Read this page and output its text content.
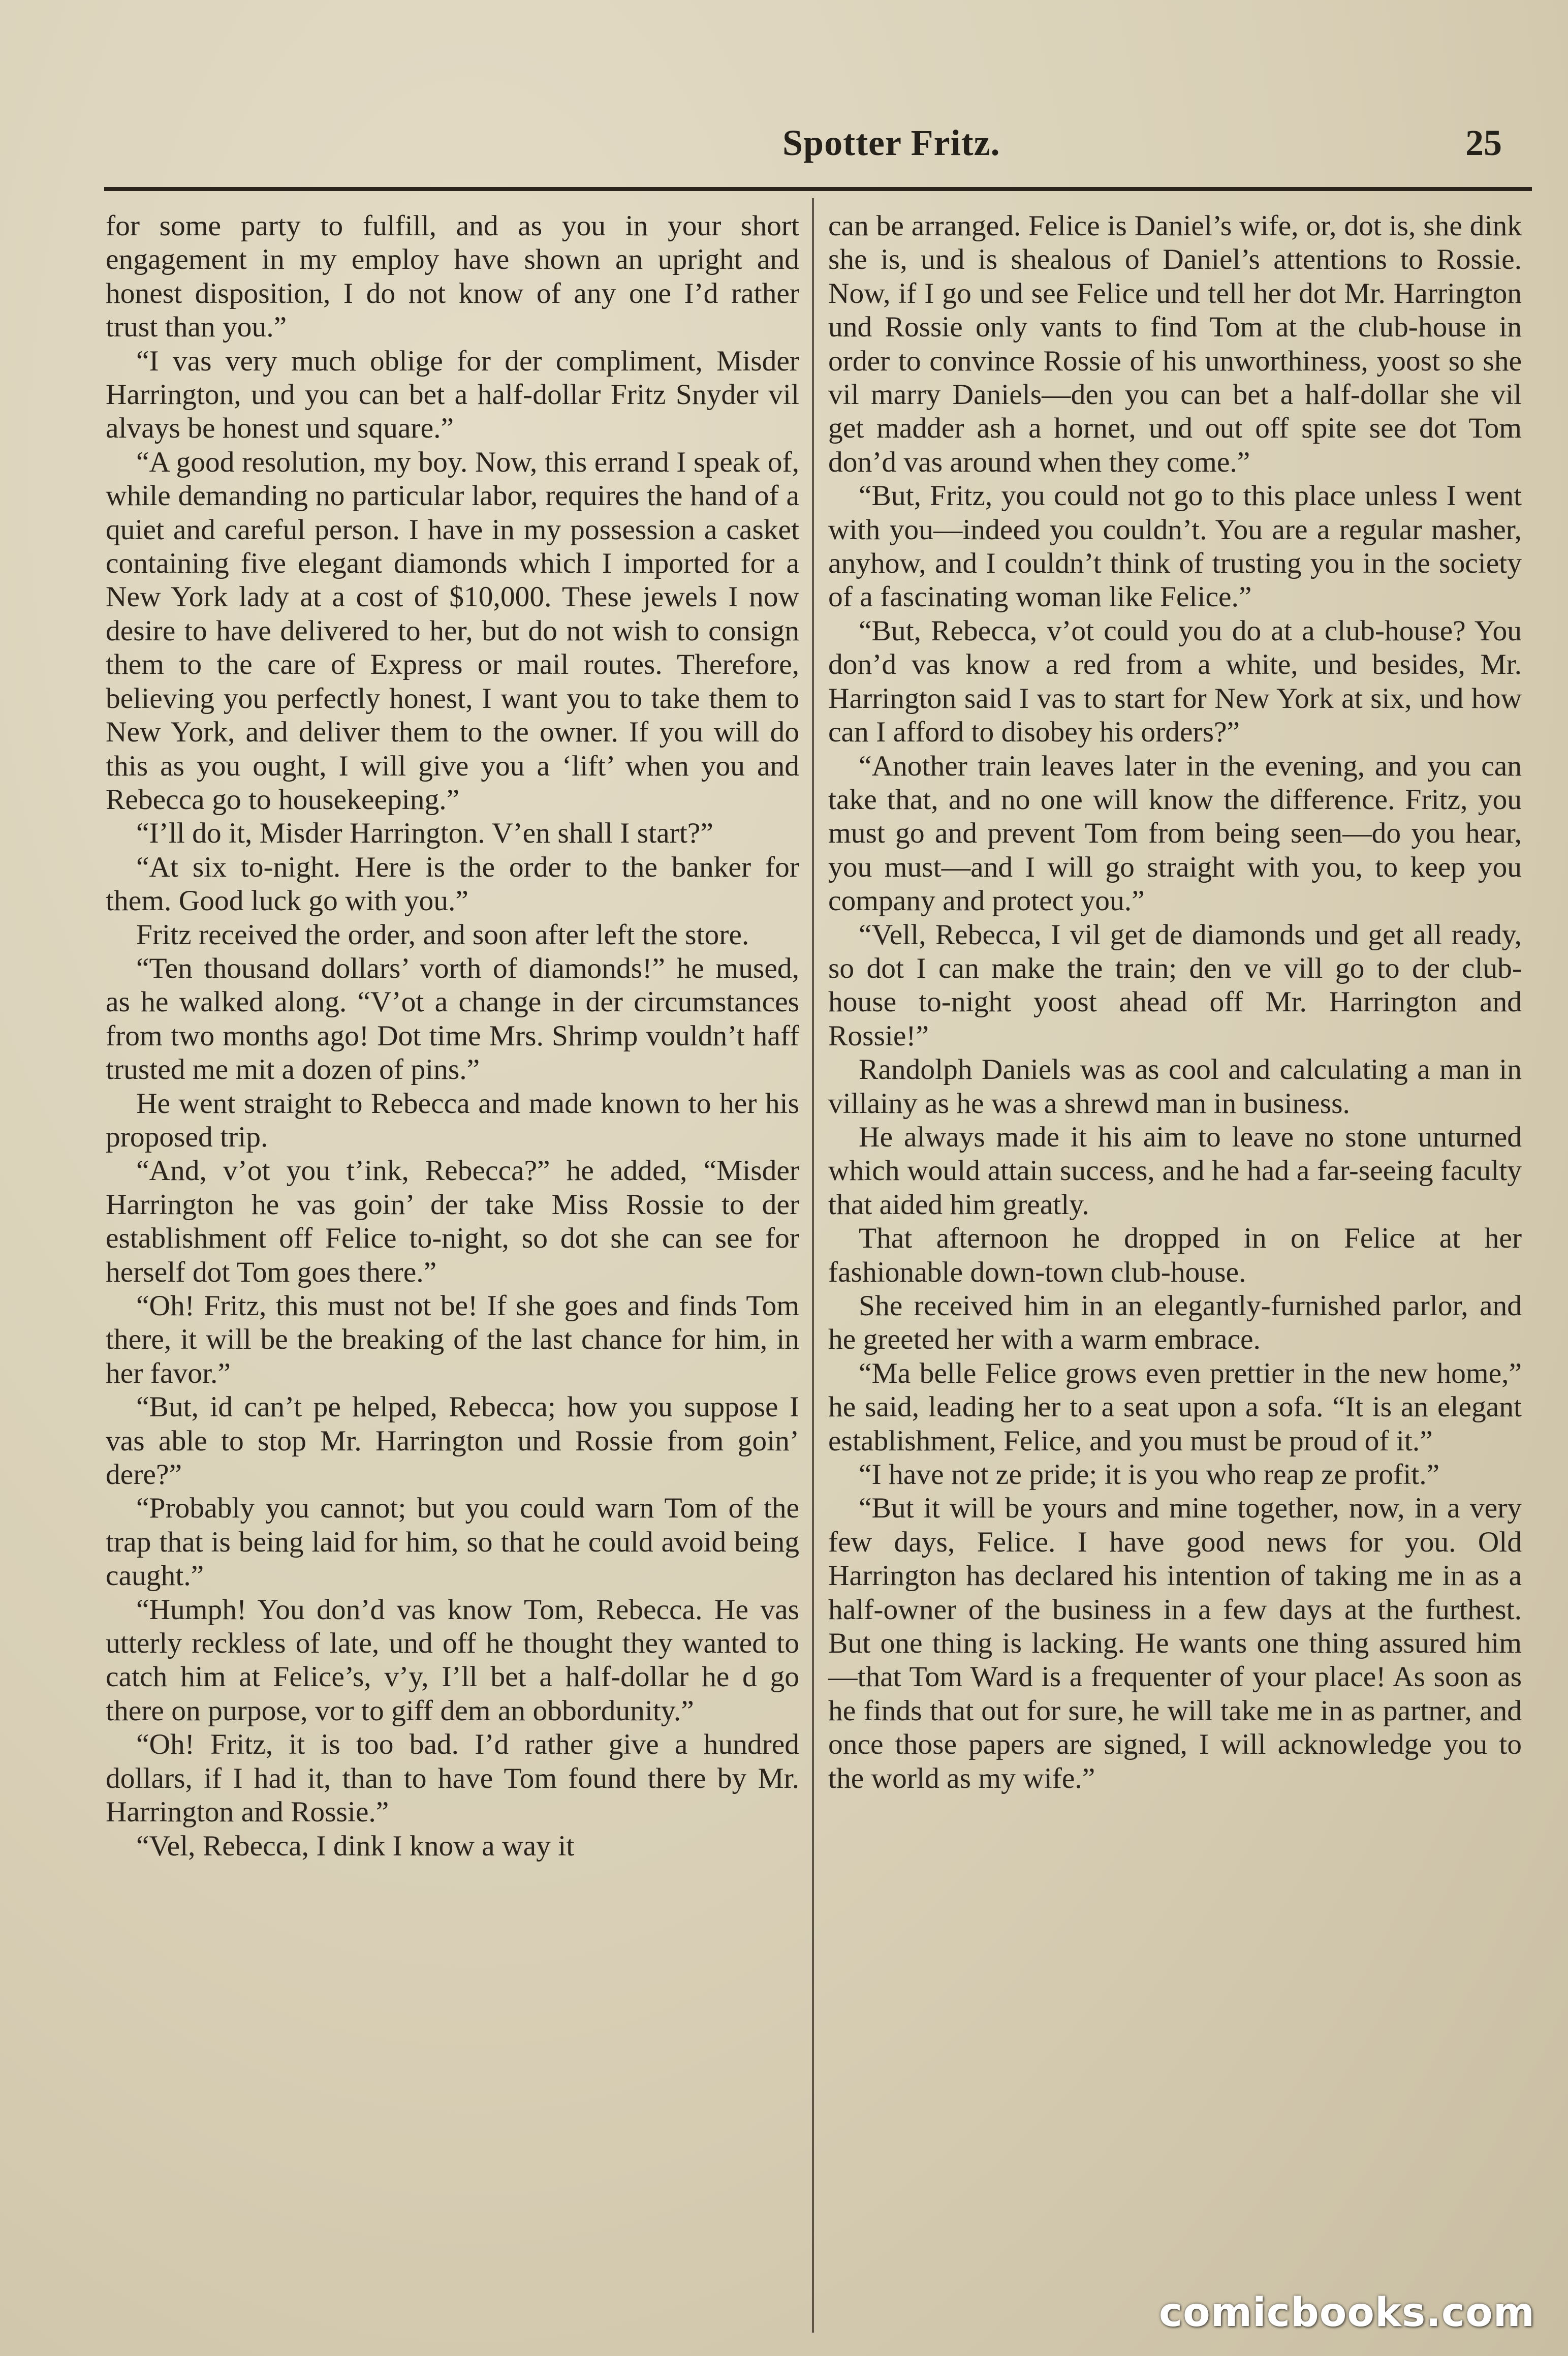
Spotter Fritz.	25

for some party to fulfill, and as you in your short engagement in my employ have shown an upright and honest disposition, I do not know of any one I’d rather trust than you.”

“I vas very much oblige for der compliment, Misder Harrington, und you can bet a half-dollar Fritz Snyder vil alvays be honest und square.”

“A good resolution, my boy. Now, this errand I speak of, while demanding no particular labor, requires the hand of a quiet and careful person. I have in my possession a casket containing five elegant diamonds which I imported for a New York lady at a cost of $10,000. These jewels I now desire to have delivered to her, but do not wish to consign them to the care of Express or mail routes. Therefore, believing you perfectly honest, I want you to take them to New York, and deliver them to the owner. If you will do this as you ought, I will give you a ‘lift’ when you and Rebecca go to housekeeping.”

“I’ll do it, Misder Harrington. V’en shall I start?”

“At six to-night. Here is the order to the banker for them. Good luck go with you.”

Fritz received the order, and soon after left the store.

“Ten thousand dollars’ vorth of diamonds!” he mused, as he walked along. “V’ot a change in der circumstances from two months ago! Dot time Mrs. Shrimp vouldn’t haff trusted me mit a dozen of pins.”

He went straight to Rebecca and made known to her his proposed trip.

“And, v’ot you t’ink, Rebecca?” he added, “Misder Harrington he vas goin’ der take Miss Rossie to der establishment off Felice to-night, so dot she can see for herself dot Tom goes there.”

“Oh! Fritz, this must not be! If she goes and finds Tom there, it will be the breaking of the last chance for him, in her favor.”

“But, id can’t pe helped, Rebecca; how you suppose I vas able to stop Mr. Harrington und Rossie from goin’ dere?”

“Probably you cannot; but you could warn Tom of the trap that is being laid for him, so that he could avoid being caught.”

“Humph! You don’d vas know Tom, Rebecca. He vas utterly reckless of late, und off he thought they wanted to catch him at Felice’s, v’y, I’ll bet a half-dollar he d go there on purpose, vor to giff dem an obbordunity.”

“Oh! Fritz, it is too bad. I’d rather give a hundred dollars, if I had it, than to have Tom found there by Mr. Harrington and Rossie.”

“Vel, Rebecca, I dink I know a way it

can be arranged. Felice is Daniel’s wife, or, dot is, she dink she is, und is shealous of Daniel’s attentions to Rossie. Now, if I go und see Felice und tell her dot Mr. Harrington und Rossie only vants to find Tom at the club-house in order to convince Rossie of his unworthiness, yoost so she vil marry Daniels—den you can bet a half-dollar she vil get madder ash a hornet, und out off spite see dot Tom don’d vas around when they come.”

“But, Fritz, you could not go to this place unless I went with you—indeed you couldn’t. You are a regular masher, anyhow, and I couldn’t think of trusting you in the society of a fascinating woman like Felice.”

“But, Rebecca, v’ot could you do at a club-house? You don’d vas know a red from a white, und besides, Mr. Harrington said I vas to start for New York at six, und how can I afford to disobey his orders?”

“Another train leaves later in the evening, and you can take that, and no one will know the difference. Fritz, you must go and prevent Tom from being seen—do you hear, you must—and I will go straight with you, to keep you company and protect you.”

“Vell, Rebecca, I vil get de diamonds und get all ready, so dot I can make the train; den ve vill go to der club-house to-night yoost ahead off Mr. Harrington and Rossie!”

Randolph Daniels was as cool and calculating a man in villainy as he was a shrewd man in business.

He always made it his aim to leave no stone unturned which would attain success, and he had a far-seeing faculty that aided him greatly.

That afternoon he dropped in on Felice at her fashionable down-town club-house.

She received him in an elegantly-furnished parlor, and he greeted her with a warm embrace.

“Ma belle Felice grows even prettier in the new home,” he said, leading her to a seat upon a sofa. “It is an elegant establishment, Felice, and you must be proud of it.”

“I have not ze pride; it is you who reap ze profit.”

“But it will be yours and mine together, now, in a very few days, Felice. I have good news for you. Old Harrington has declared his intention of taking me in as a half-owner of the business in a few days at the furthest. But one thing is lacking. He wants one thing assured him—that Tom Ward is a frequenter of your place! As soon as he finds that out for sure, he will take me in as partner, and once those papers are signed, I will acknowledge you to the world as my wife.”

comicbooks.com
